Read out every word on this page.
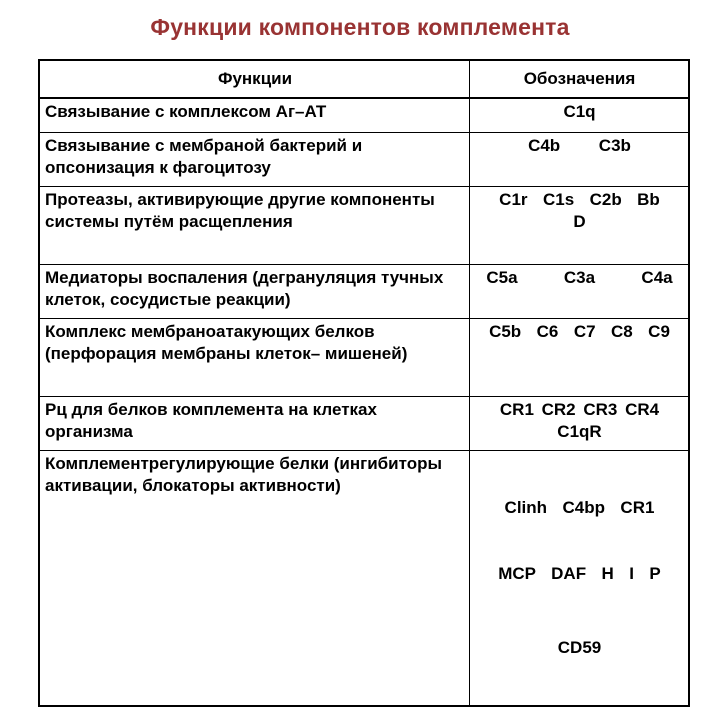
Функции компонентов комплемента
Функции	Обозначения
Связывание с комплексом Аг–АТ	C1q
Связывание с мембраной бактерий и опсонизация к фагоцитозу	C4b     C3b
Протеазы, активирующие другие компоненты системы путём расщепления	C1r  C1s  C2b  Bb
D
Медиаторы воспаления (дегрануляция тучных клеток, сосудистые реакции)	C5a      C3a      C4a
Комплекс мембраноатакующих белков (перфорация мембраны клеток– мишеней)	C5b  C6  C7  C8  C9
Рц для белков комплемента на клетках организма	CR1 CR2 CR3 CR4
C1qR
Комплементрегулирующие белки (ингибиторы активации, блокаторы активности)	Clinh  C4bp  CR1

MCP  DAF  H  I  P

CD59
